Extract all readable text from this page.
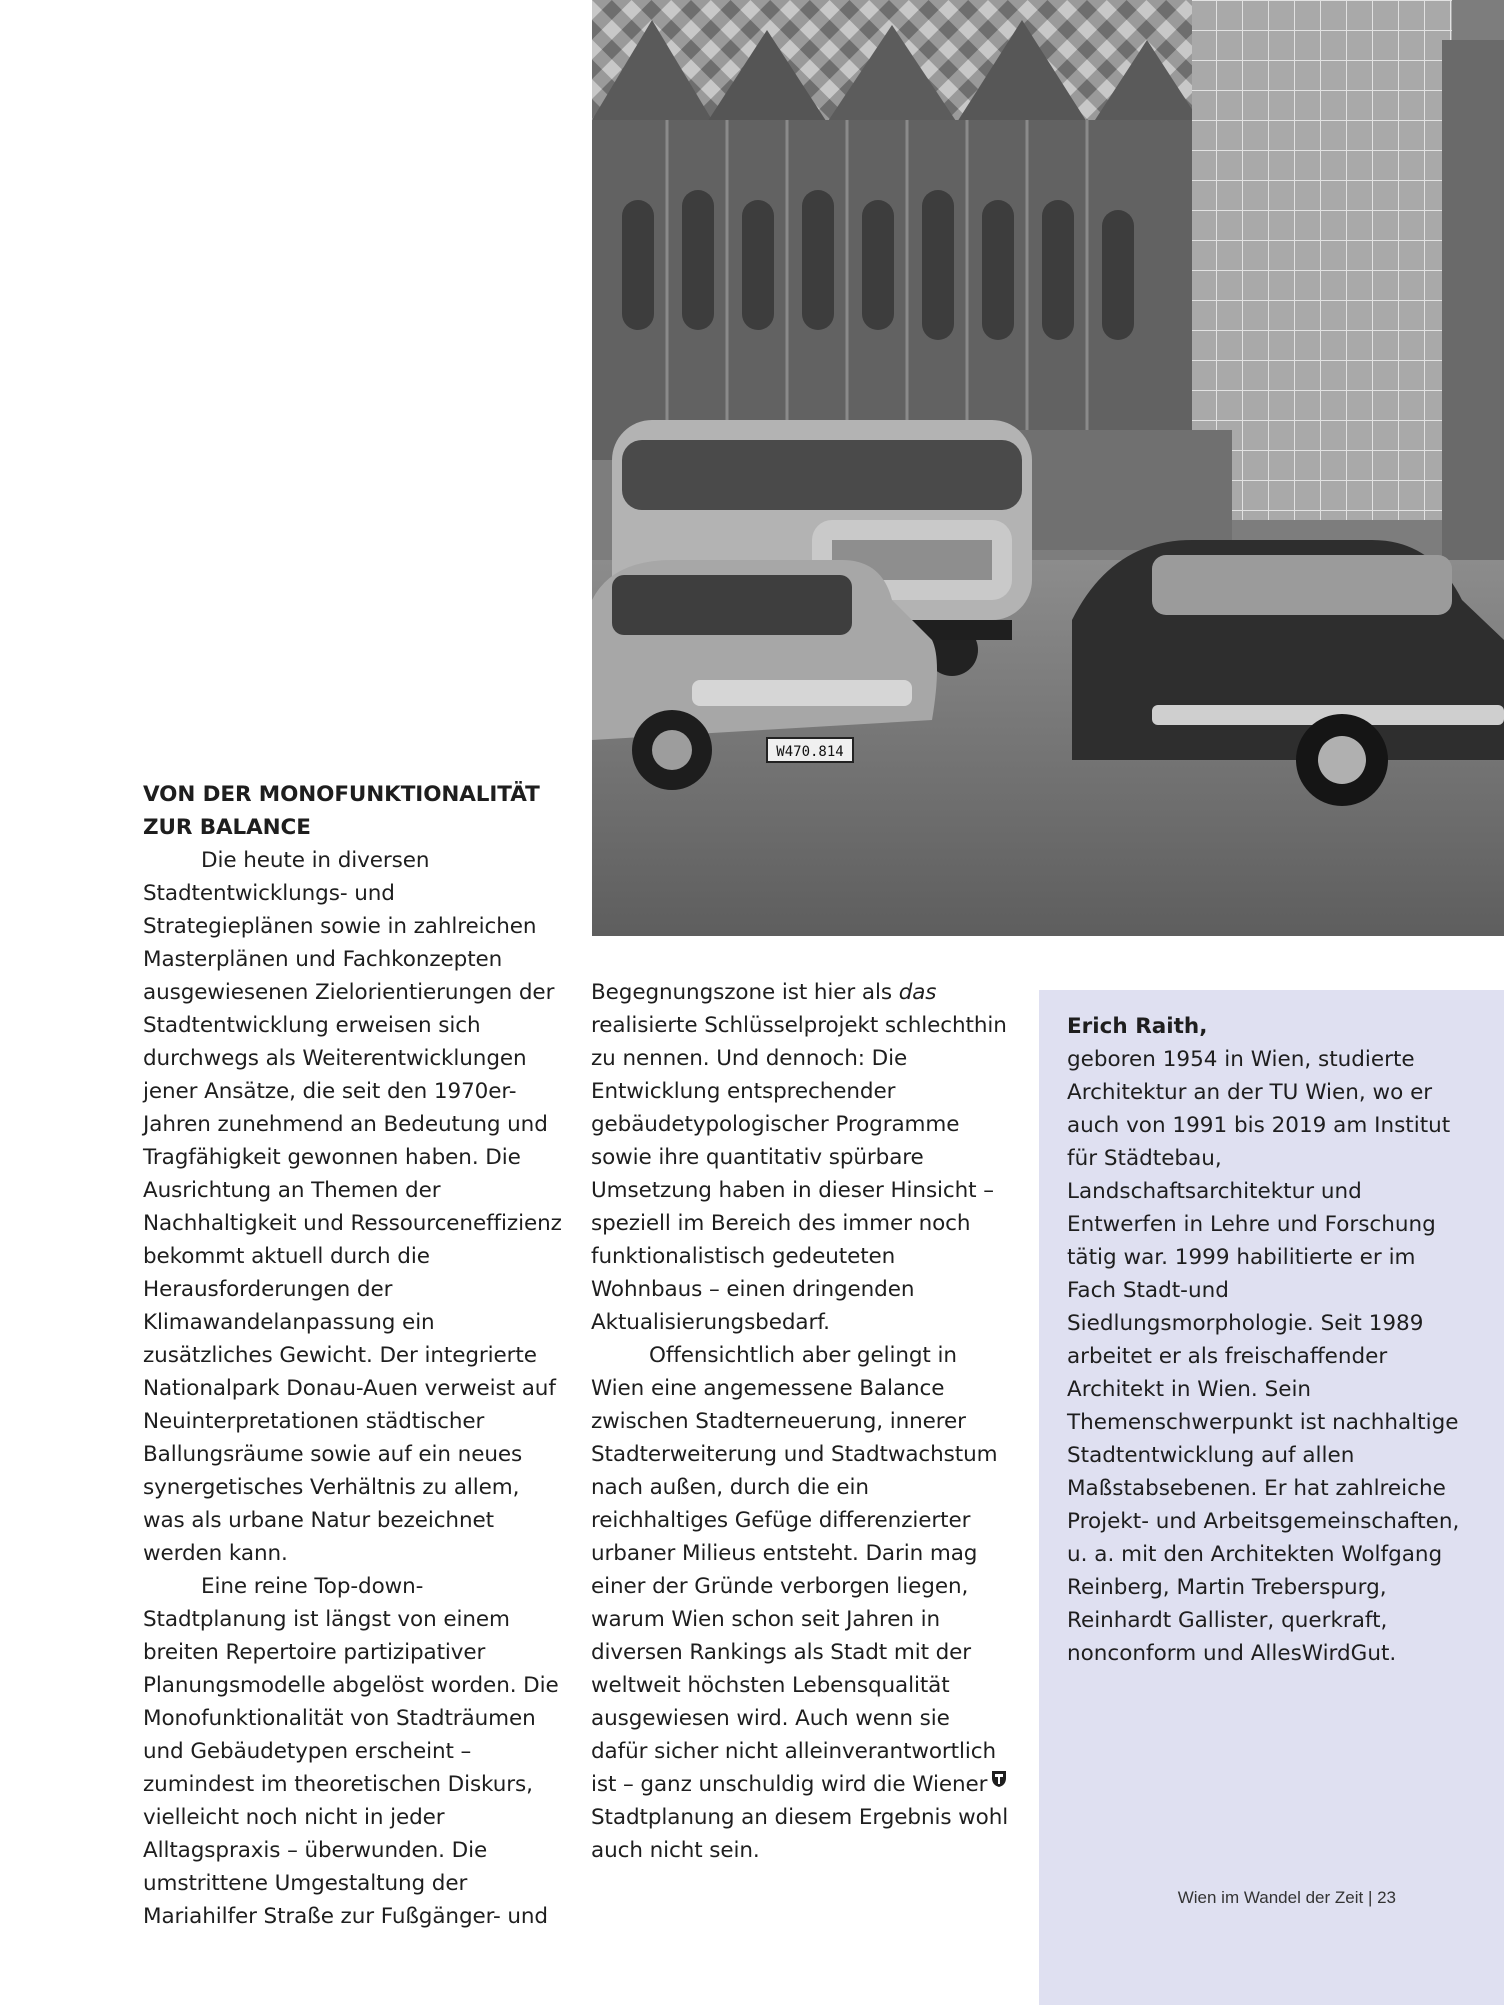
W470.814
VON DER MONOFUNKTIONALITÄT
ZUR BALANCE

Die heute in diversen Stadtentwicklungs- und Strategieplänen sowie in zahlreichen Masterplänen und Fachkonzepten ausgewiesenen Zielorientierungen der Stadtentwicklung erweisen sich durchwegs als Weiterentwicklungen jener Ansätze, die seit den 1970er-Jahren zunehmend an Bedeutung und Tragfähigkeit gewonnen haben. Die Ausrichtung an Themen der Nachhaltigkeit und Ressourceneffizienz bekommt aktuell durch die Herausforderungen der Klimawandelanpassung ein zusätzliches Gewicht. Der integrierte Nationalpark Donau-Auen verweist auf Neuinterpretationen städtischer Ballungsräume sowie auf ein neues synergetisches Verhältnis zu allem, was als urbane Natur bezeichnet werden kann.

Eine reine Top-down-Stadtplanung ist längst von einem breiten Repertoire partizipativer Planungsmodelle abgelöst worden. Die Monofunktionalität von Stadträumen und Gebäudetypen erscheint – zumindest im theoretischen Diskurs, vielleicht noch nicht in jeder Alltagspraxis – überwunden. Die umstrittene Umgestaltung der Mariahilfer Straße zur Fußgänger- und

Begegnungszone ist hier als das realisierte Schlüsselprojekt schlechthin zu nennen. Und dennoch: Die Entwicklung entsprechender gebäudetypologischer Programme sowie ihre quantitativ spürbare Umsetzung haben in dieser Hinsicht – speziell im Bereich des immer noch funktionalistisch gedeuteten Wohnbaus – einen dringenden Aktualisierungsbedarf.

Offensichtlich aber gelingt in Wien eine angemessene Balance zwischen Stadterneuerung, innerer Stadterweiterung und Stadtwachstum nach außen, durch die ein reichhaltiges Gefüge differenzierter urbaner Milieus entsteht. Darin mag einer der Gründe verborgen liegen, warum Wien schon seit Jahren in diversen Rankings als Stadt mit der weltweit höchsten Lebensqualität ausgewiesen wird. Auch wenn sie dafür sicher nicht alleinverantwortlich ist – ganz unschuldig wird die Wiener Stadtplanung an diesem Ergebnis wohl auch nicht sein.

Erich Raith,
geboren 1954 in Wien, studierte Architektur an der TU Wien, wo er auch von 1991 bis 2019 am Institut für Städtebau, Landschaftsarchitektur und Entwerfen in Lehre und Forschung tätig war. 1999 habilitierte er im Fach Stadt-und Siedlungsmorphologie. Seit 1989 arbeitet er als freischaffender Architekt in Wien. Sein Themenschwerpunkt ist nachhaltige Stadtentwicklung auf allen Maßstabsebenen. Er hat zahlreiche Projekt- und Arbeitsgemeinschaften, u. a. mit den Architekten Wolfgang Reinberg, Martin Treberspurg, Reinhardt Gallister, querkraft, nonconform und AllesWirdGut.
Wien im Wandel der Zeit | 23
